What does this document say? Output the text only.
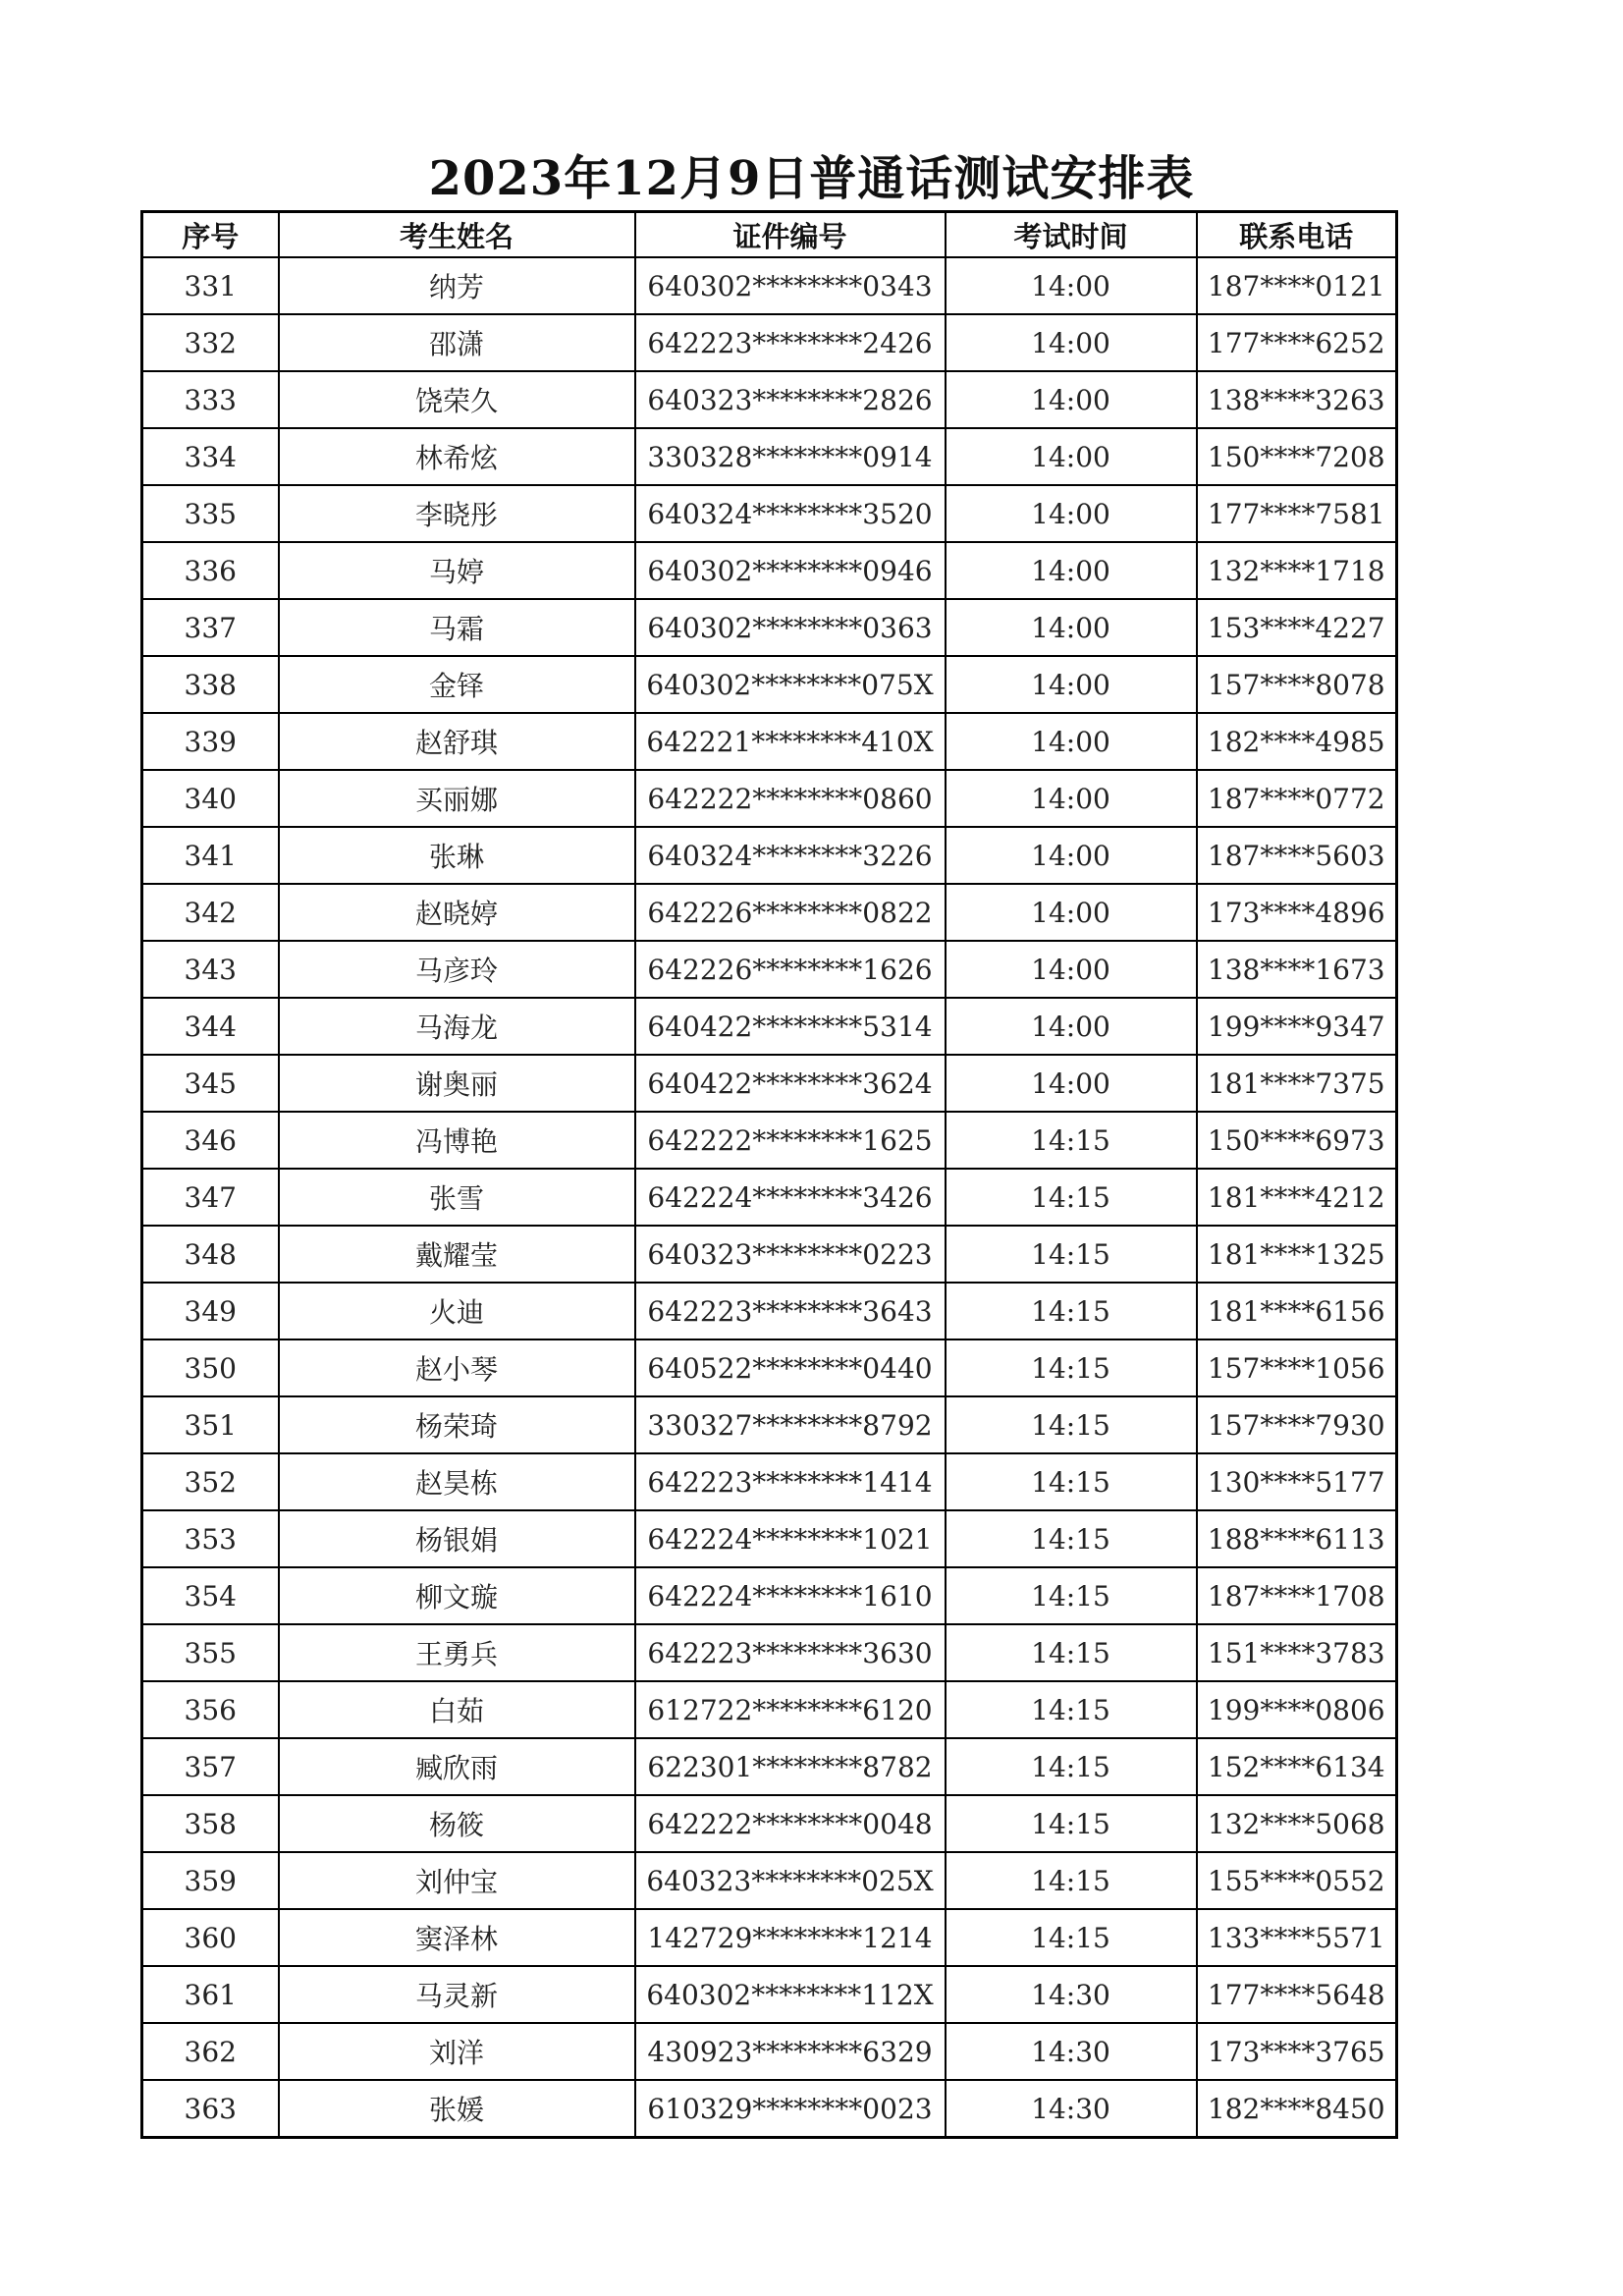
2023年12月9日普通话测试安排表
序号	考生姓名	证件编号	考试时间	联系电话
331	纳芳	640302********0343	14:00	187****0121
332	邵潇	642223********2426	14:00	177****6252
333	饶荣久	640323********2826	14:00	138****3263
334	林希炫	330328********0914	14:00	150****7208
335	李晓彤	640324********3520	14:00	177****7581
336	马婷	640302********0946	14:00	132****1718
337	马霜	640302********0363	14:00	153****4227
338	金铎	640302********075X	14:00	157****8078
339	赵舒琪	642221********410X	14:00	182****4985
340	买丽娜	642222********0860	14:00	187****0772
341	张琳	640324********3226	14:00	187****5603
342	赵晓婷	642226********0822	14:00	173****4896
343	马彦玲	642226********1626	14:00	138****1673
344	马海龙	640422********5314	14:00	199****9347
345	谢奥丽	640422********3624	14:00	181****7375
346	冯博艳	642222********1625	14:15	150****6973
347	张雪	642224********3426	14:15	181****4212
348	戴耀莹	640323********0223	14:15	181****1325
349	火迪	642223********3643	14:15	181****6156
350	赵小琴	640522********0440	14:15	157****1056
351	杨荣琦	330327********8792	14:15	157****7930
352	赵昊栋	642223********1414	14:15	130****5177
353	杨银娟	642224********1021	14:15	188****6113
354	柳文璇	642224********1610	14:15	187****1708
355	王勇兵	642223********3630	14:15	151****3783
356	白茹	612722********6120	14:15	199****0806
357	臧欣雨	622301********8782	14:15	152****6134
358	杨筱	642222********0048	14:15	132****5068
359	刘仲宝	640323********025X	14:15	155****0552
360	窦泽林	142729********1214	14:15	133****5571
361	马灵新	640302********112X	14:30	177****5648
362	刘洋	430923********6329	14:30	173****3765
363	张媛	610329********0023	14:30	182****8450
